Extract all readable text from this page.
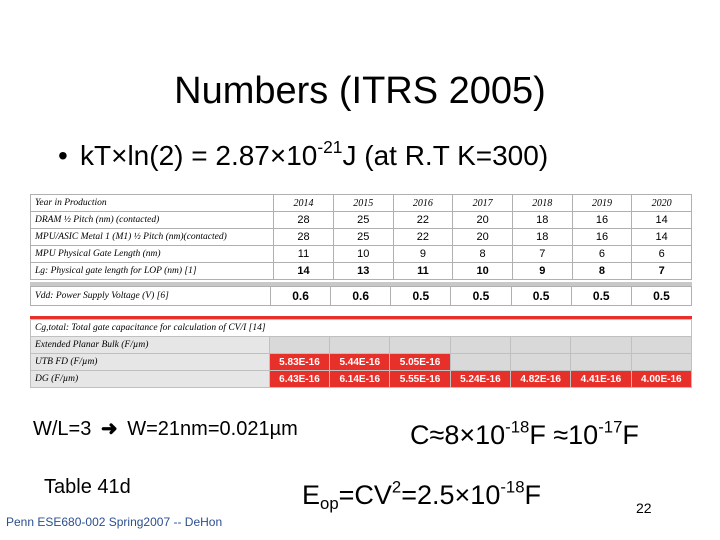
Numbers (ITRS 2005)
• $kT\times\ln(2) = 2.87\times 10^{-21}J$ (at R.T K=300)
Year in Production	2014	2015	2016	2017	2018	2019	2020
DRAM ½ Pitch (nm) (contacted)	28	25	22	20	18	16	14
MPU/ASIC Metal 1 (M1) ½ Pitch (nm)(contacted)	28	25	22	20	18	16	14
MPU Physical Gate Length (nm)	11	10	9	8	7	6	6
Lg: Physical gate length for LOP (nm) [1]	14	13	11	10	9	8	7
Vdd: Power Supply Voltage (V) [6]	0.6	0.6	0.5	0.5	0.5	0.5	0.5
Cg,total: Total gate capacitance for calculation of CV/I [14]							
Extended Planar Bulk (F/µm)							
UTB FD (F/µm)	5.83E-16	5.44E-16	5.05E-16				
DG (F/µm)	6.43E-16	6.14E-16	5.55E-16	5.24E-16	4.82E-16	4.41E-16	4.00E-16
W/L=3 ➜ W=21nm=0.021µm	$C\approx 8\times 10^{-18}F \approx 10^{-17}F$
Table 41d	$E_{op}=CV^2=2.5\times 10^{-18}F$
Penn ESE680-002 Spring2007 -- DeHon
22
